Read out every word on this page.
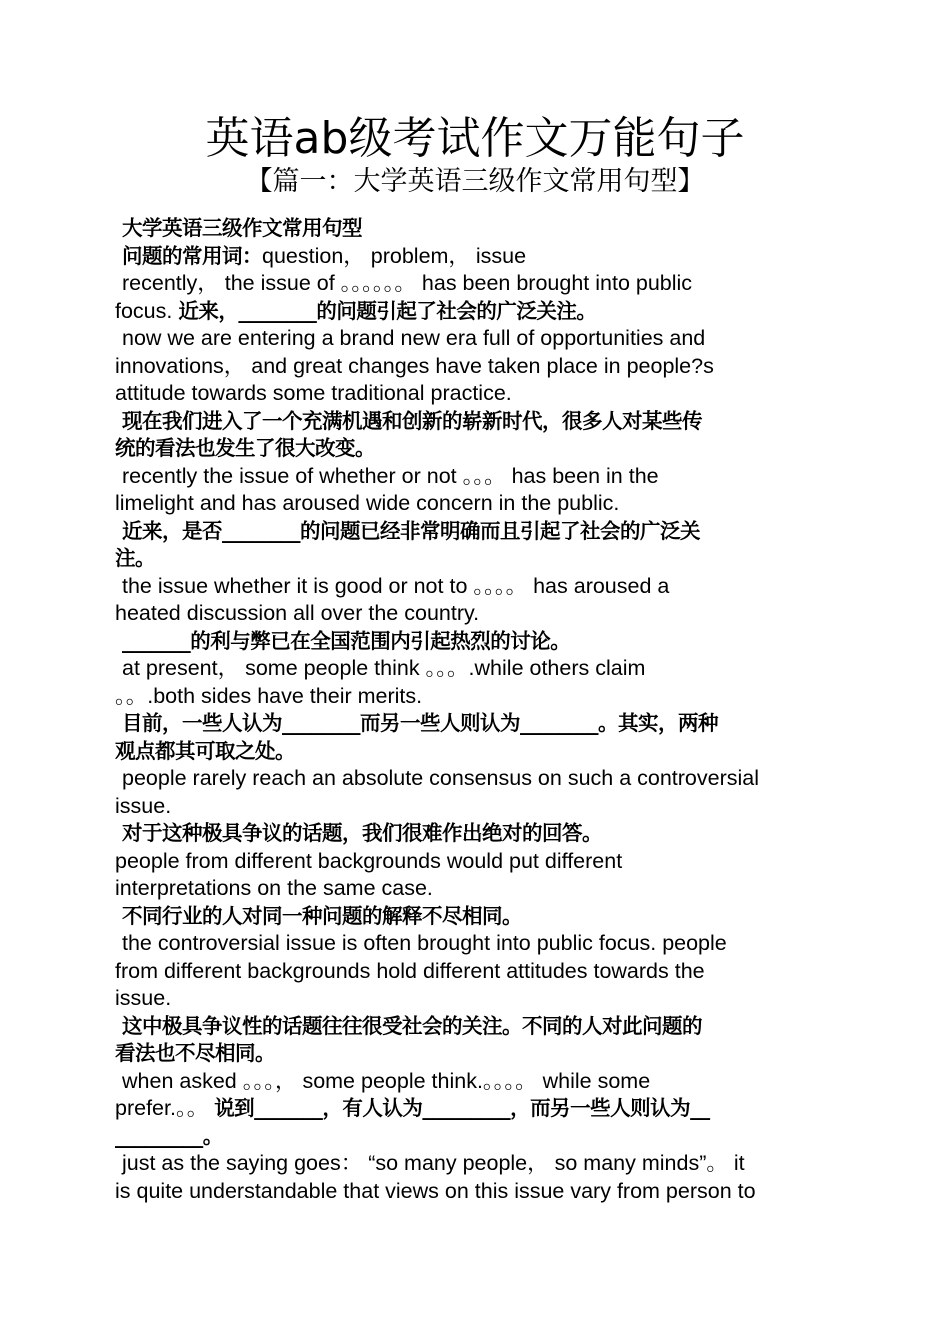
英语ab级考试作文万能句子
【篇一：大学英语三级作文常用句型】
大学英语三级作文常用句型
问题的常用词：question， problem， issue
recently， the issue of 。。。。。。 has been brought into public
focus. 近来，________的问题引起了社会的广泛关注。
now we are entering a brand new era full of opportunities and
innovations， and great changes have taken place in people?s
attitude towards some traditional practice.
现在我们进入了一个充满机遇和创新的崭新时代，很多人对某些传
统的看法也发生了很大改变。
recently the issue of whether or not 。。。 has been in the
limelight and has aroused wide concern in the public.
近来，是否________的问题已经非常明确而且引起了社会的广泛关
注。
the issue whether it is good or not to 。。。。 has aroused a
heated discussion all over the country.
_______的利与弊已在全国范围内引起热烈的讨论。
at present， some people think 。。。.while others claim
。。.both sides have their merits.
目前，一些人认为________而另一些人则认为________。其实，两种
观点都其可取之处。
people rarely reach an absolute consensus on such a controversial
issue.
对于这种极具争议的话题，我们很难作出绝对的回答。
people from different backgrounds would put different
interpretations on the same case.
不同行业的人对同一种问题的解释不尽相同。
the controversial issue is often brought into public focus. people
from different backgrounds hold different attitudes towards the
issue.
这中极具争议性的话题往往很受社会的关注。不同的人对此问题的
看法也不尽相同。
when asked 。。。， some people think.。。。。 while some
prefer.。。 说到_______，有人认为_________，而另一些人则认为__
_________。
just as the saying goes： “so many people， so many minds”。 it
is quite understandable that views on this issue vary from person to
